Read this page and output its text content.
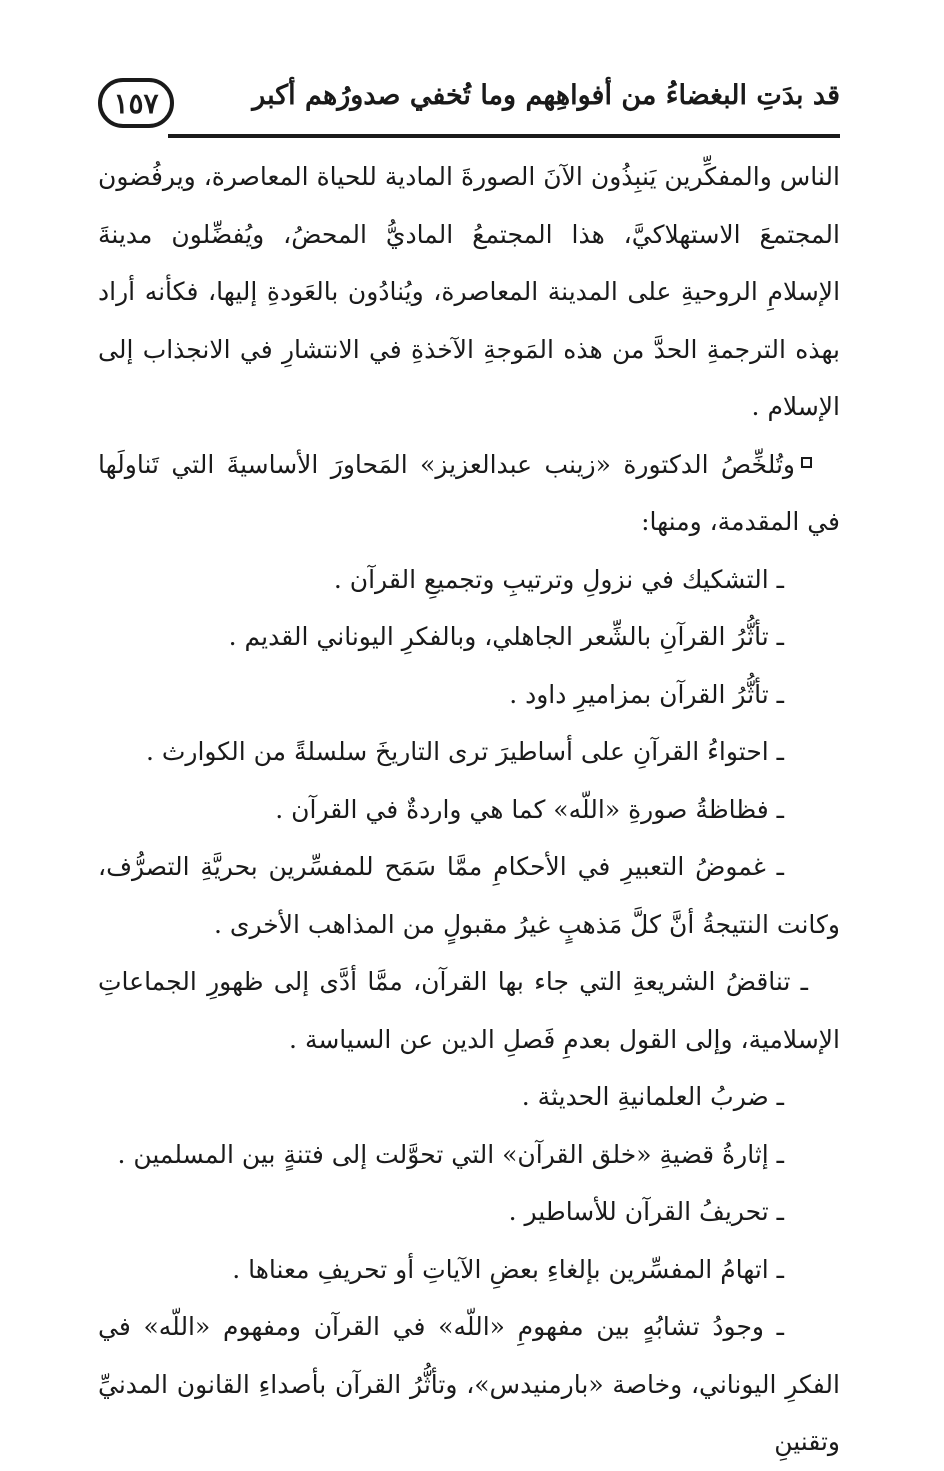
١٥٧	قد بدَتِ البغضاءُ من أفواهِهم وما تُخفي صدورُهم أكبر

الناس والمفكِّرين يَنبِذُون الآنَ الصورةَ المادية للحياة المعاصرة، ويرفُضون المجتمعَ الاستهلاكيَّ، هذا المجتمعُ الماديُّ المحضُ، ويُفضِّلون مدينةَ الإسلامِ الروحيةِ على المدينة المعاصرة، ويُنادُون بالعَودةِ إليها، فكأنه أراد بهذه الترجمةِ الحدَّ من هذه المَوجةِ الآخذةِ في الانتشارِ في الانجذاب إلى الإسلام .

وتُلخِّصُ الدكتورة «زينب عبدالعزيز» المَحاورَ الأساسيةَ التي تَناولَها في المقدمة، ومنها:

ـ التشكيك في نزولِ وترتيبِ وتجميعِ القرآن .

ـ تأثُّرُ القرآنِ بالشِّعر الجاهلي، وبالفكرِ اليوناني القديم .

ـ تأثُّرُ القرآن بمزاميرِ داود .

ـ احتواءُ القرآنِ على أساطيرَ ترى التاريخَ سلسلةً من الكوارث .

ـ فظاظةُ صورةِ «اللّه» كما هي واردةٌ في القرآن .

ـ غموضُ التعبيرِ في الأحكامِ ممَّا سَمَح للمفسِّرين بحريَّةِ التصرُّف، وكانت النتيجةُ أنَّ كلَّ مَذهبٍ غيرُ مقبولٍ من المذاهب الأخرى .

ـ تناقضُ الشريعةِ التي جاء بها القرآن، ممَّا أدَّى إلى ظهورِ الجماعاتِ الإسلامية، وإلى القول بعدمِ فَصلِ الدين عن السياسة .

ـ ضربُ العلمانيةِ الحديثة .

ـ إثارةُ قضيةِ «خلق القرآن» التي تحوَّلت إلى فتنةٍ بين المسلمين .

ـ تحريفُ القرآن للأساطير .

ـ اتهامُ المفسِّرين بإلغاءِ بعضِ الآياتِ أو تحريفِ معناها .

ـ وجودُ تشابُهٍ بين مفهومِ «اللّه» في القرآن ومفهوم «اللّه» في الفكرِ اليوناني، وخاصة «بارمنيدس»، وتأثُّرُ القرآن بأصداءِ القانون المدنيِّ وتقنينِ
